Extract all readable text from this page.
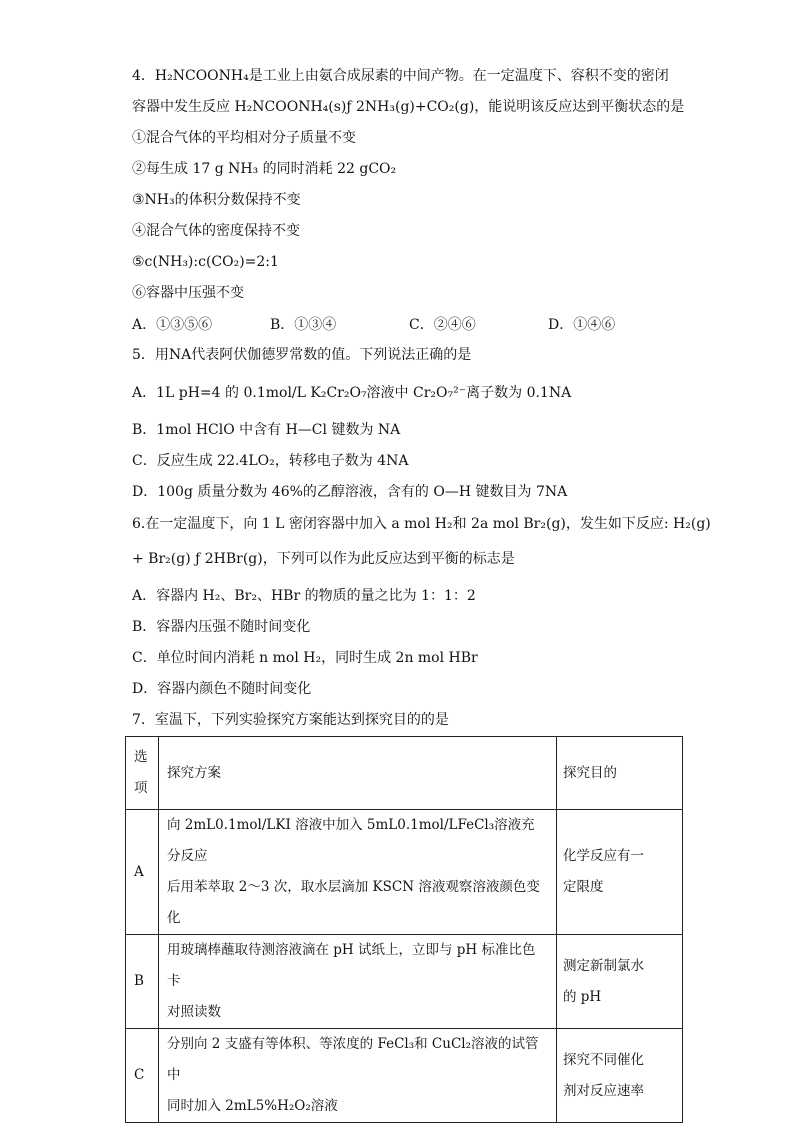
4．H₂NCOONH₄是工业上由氨合成尿素的中间产物。在一定温度下、容积不变的密闭
容器中发生反应 H₂NCOONH₄(s)ƒ 2NH₃(g)+CO₂(g)，能说明该反应达到平衡状态的是
①混合气体的平均相对分子质量不变
②每生成 17 g NH₃ 的同时消耗 22 gCO₂
③NH₃的体积分数保持不变
④混合气体的密度保持不变
⑤c(NH₃):c(CO₂)=2:1
⑥容器中压强不变
A．①③⑤⑥	B．①③④	C．②④⑥	D．①④⑥
5．用NA代表阿伏伽德罗常数的值。下列说法正确的是
A．1L pH=4 的 0.1mol/L K₂Cr₂O₇溶液中 Cr₂O₇²⁻离子数为 0.1NA
B．1mol HClO 中含有 H—Cl 键数为 NA
C．反应生成 22.4LO₂，转移电子数为 4NA
D．100g 质量分数为 46%的乙醇溶液，含有的 O—H 键数目为 7NA
6.在一定温度下，向 1 L 密闭容器中加入 a mol H₂和 2a mol Br₂(g)，发生如下反应: H₂(g)
+ Br₂(g) ƒ 2HBr(g)，下列可以作为此反应达到平衡的标志是
A．容器内 H₂、Br₂、HBr 的物质的量之比为 1：1：2
B．容器内压强不随时间变化
C．单位时间内消耗 n mol H₂，同时生成 2n mol HBr
D．容器内颜色不随时间变化
7．室温下，下列实验探究方案能达到探究目的的是
选
项	探究方案	探究目的

A	向 2mL0.1mol/LKI 溶液中加入 5mL0.1mol/LFeCl₃溶液充分反应
后用苯萃取 2～3 次，取水层滴加 KSCN 溶液观察溶液颜色变
化	化学反应有一
定限度

B	用玻璃棒蘸取待测溶液滴在 pH 试纸上，立即与 pH 标准比色卡
对照读数	测定新制氯水
的 pH

C	分别向 2 支盛有等体积、等浓度的 FeCl₃和 CuCl₂溶液的试管中
同时加入 2mL5%H₂O₂溶液	探究不同催化
剂对反应速率
